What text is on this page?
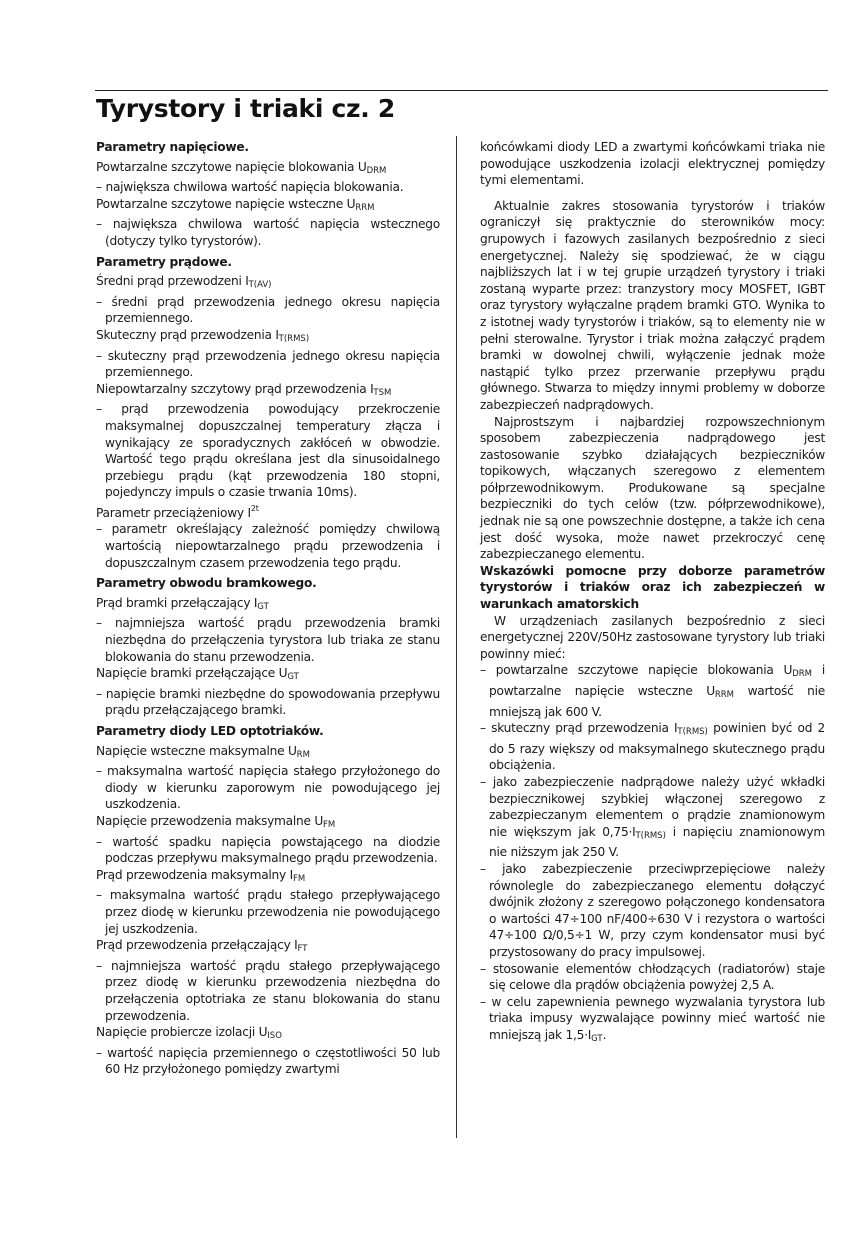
Tyrystory i triaki cz. 2

Parametry napięciowe.

Powtarzalne szczytowe napięcie blokowania $U_{DRM}$

– największa chwilowa wartość napięcia blokowania.

Powtarzalne szczytowe napięcie wsteczne $U_{RRM}$

– największa chwilowa wartość napięcia wstecznego (dotyczy tylko tyrystorów).

Parametry prądowe.

Średni prąd przewodzeni $I_{T(AV)}$

– średni prąd przewodzenia jednego okresu napięcia przemiennego.

Skuteczny prąd przewodzenia $I_{T(RMS)}$

– skuteczny prąd przewodzenia jednego okresu napięcia przemiennego.

Niepowtarzalny szczytowy prąd przewodzenia $I_{TSM}$

– prąd przewodzenia powodujący przekroczenie maksymalnej dopuszczalnej temperatury złącza i wynikający ze sporadycznych zakłóceń w obwodzie. Wartość tego prądu określana jest dla sinusoidalnego przebiegu prądu (kąt przewodzenia 180 stopni, pojedynczy impuls o czasie trwania 10ms).

Parametr przeciążeniowy $I^{2t}$

– parametr określający zależność pomiędzy chwilową wartością niepowtarzalnego prądu przewodzenia i dopuszczalnym czasem przewodzenia tego prądu.

Parametry obwodu bramkowego.

Prąd bramki przełączający $I_{GT}$

– najmniejsza wartość prądu przewodzenia bramki niezbędna do przełączenia tyrystora lub triaka ze stanu blokowania do stanu przewodzenia.

Napięcie bramki przełączające $U_{GT}$

– napięcie bramki niezbędne do spowodowania przepływu prądu przełączającego bramki.

Parametry diody LED optotriaków.

Napięcie wsteczne maksymalne $U_{RM}$

– maksymalna wartość napięcia stałego przyłożonego do diody w kierunku zaporowym nie powodującego jej uszkodzenia.

Napięcie przewodzenia maksymalne $U_{FM}$

– wartość spadku napięcia powstającego na diodzie podczas przepływu maksymalnego prądu przewodzenia.

Prąd przewodzenia maksymalny $I_{FM}$

– maksymalna wartość prądu stałego przepływającego przez diodę w kierunku przewodzenia nie powodującego jej uszkodzenia.

Prąd przewodzenia przełączający $I_{FT}$

– najmniejsza wartość prądu stałego przepływającego przez diodę w kierunku przewodzenia niezbędna do przełączenia optotriaka ze stanu blokowania do stanu przewodzenia.

Napięcie probiercze izolacji $U_{ISO}$

– wartość napięcia przemiennego o częstotliwości 50 lub 60 Hz przyłożonego pomiędzy zwartymi

końcówkami diody LED a zwartymi końcówkami triaka nie powodujące uszkodzenia izolacji elektrycznej pomiędzy tymi elementami.

Aktualnie zakres stosowania tyrystorów i triaków ograniczył się praktycznie do sterowników mocy: grupowych i fazowych zasilanych bezpośrednio z sieci energetycznej. Należy się spodziewać, że w ciągu najbliższych lat i w tej grupie urządzeń tyrystory i triaki zostaną wyparte przez: tranzystory mocy MOSFET, IGBT oraz tyrystory wyłączalne prądem bramki GTO. Wynika to z istotnej wady tyrystorów i triaków, są to elementy nie w pełni sterowalne. Tyrystor i triak można załączyć prądem bramki w dowolnej chwili, wyłączenie jednak może nastąpić tylko przez przerwanie przepływu prądu głównego. Stwarza to między innymi problemy w doborze zabezpieczeń nadprądowych.

Najprostszym i najbardziej rozpowszechnionym sposobem zabezpieczenia nadprądowego jest zastosowanie szybko działających bezpieczników topikowych, włączanych szeregowo z elementem półprzewodnikowym. Produkowane są specjalne bezpieczniki do tych celów (tzw. półprzewodnikowe), jednak nie są one powszechnie dostępne, a także ich cena jest dość wysoka, może nawet przekroczyć cenę zabezpieczanego elementu.

Wskazówki pomocne przy doborze parametrów tyrystorów i triaków oraz ich zabezpieczeń w warunkach amatorskich

W urządzeniach zasilanych bezpośrednio z sieci energetycznej 220V/50Hz zastosowane tyrystory lub triaki powinny mieć:

– powtarzalne szczytowe napięcie blokowania $U_{DRM}$ i powtarzalne napięcie wsteczne $U_{RRM}$ wartość nie mniejszą jak 600 V.

– skuteczny prąd przewodzenia $I_{T(RMS)}$ powinien być od 2 do 5 razy większy od maksymalnego skutecznego prądu obciążenia.

– jako zabezpieczenie nadprądowe należy użyć wkładki bezpiecznikowej szybkiej włączonej szeregowo z zabezpieczanym elementem o prądzie znamionowym nie większym jak $0,75\cdot I_{T(RMS)}$ i napięciu znamionowym nie niższym jak 250 V.

– jako zabezpieczenie przeciwprzepięciowe należy równolegle do zabezpieczanego elementu dołączyć dwójnik złożony z szeregowo połączonego kondensatora o wartości 47÷100 nF/400÷630 V i rezystora o wartości 47÷100 Ω/0,5÷1 W, przy czym kondensator musi być przystosowany do pracy impulsowej.

– stosowanie elementów chłodzących (radiatorów) staje się celowe dla prądów obciążenia powyżej 2,5 A.

– w celu zapewnienia pewnego wyzwalania tyrystora lub triaka impusy wyzwalające powinny mieć wartość nie mniejszą jak $1,5\cdot I_{GT}$.
